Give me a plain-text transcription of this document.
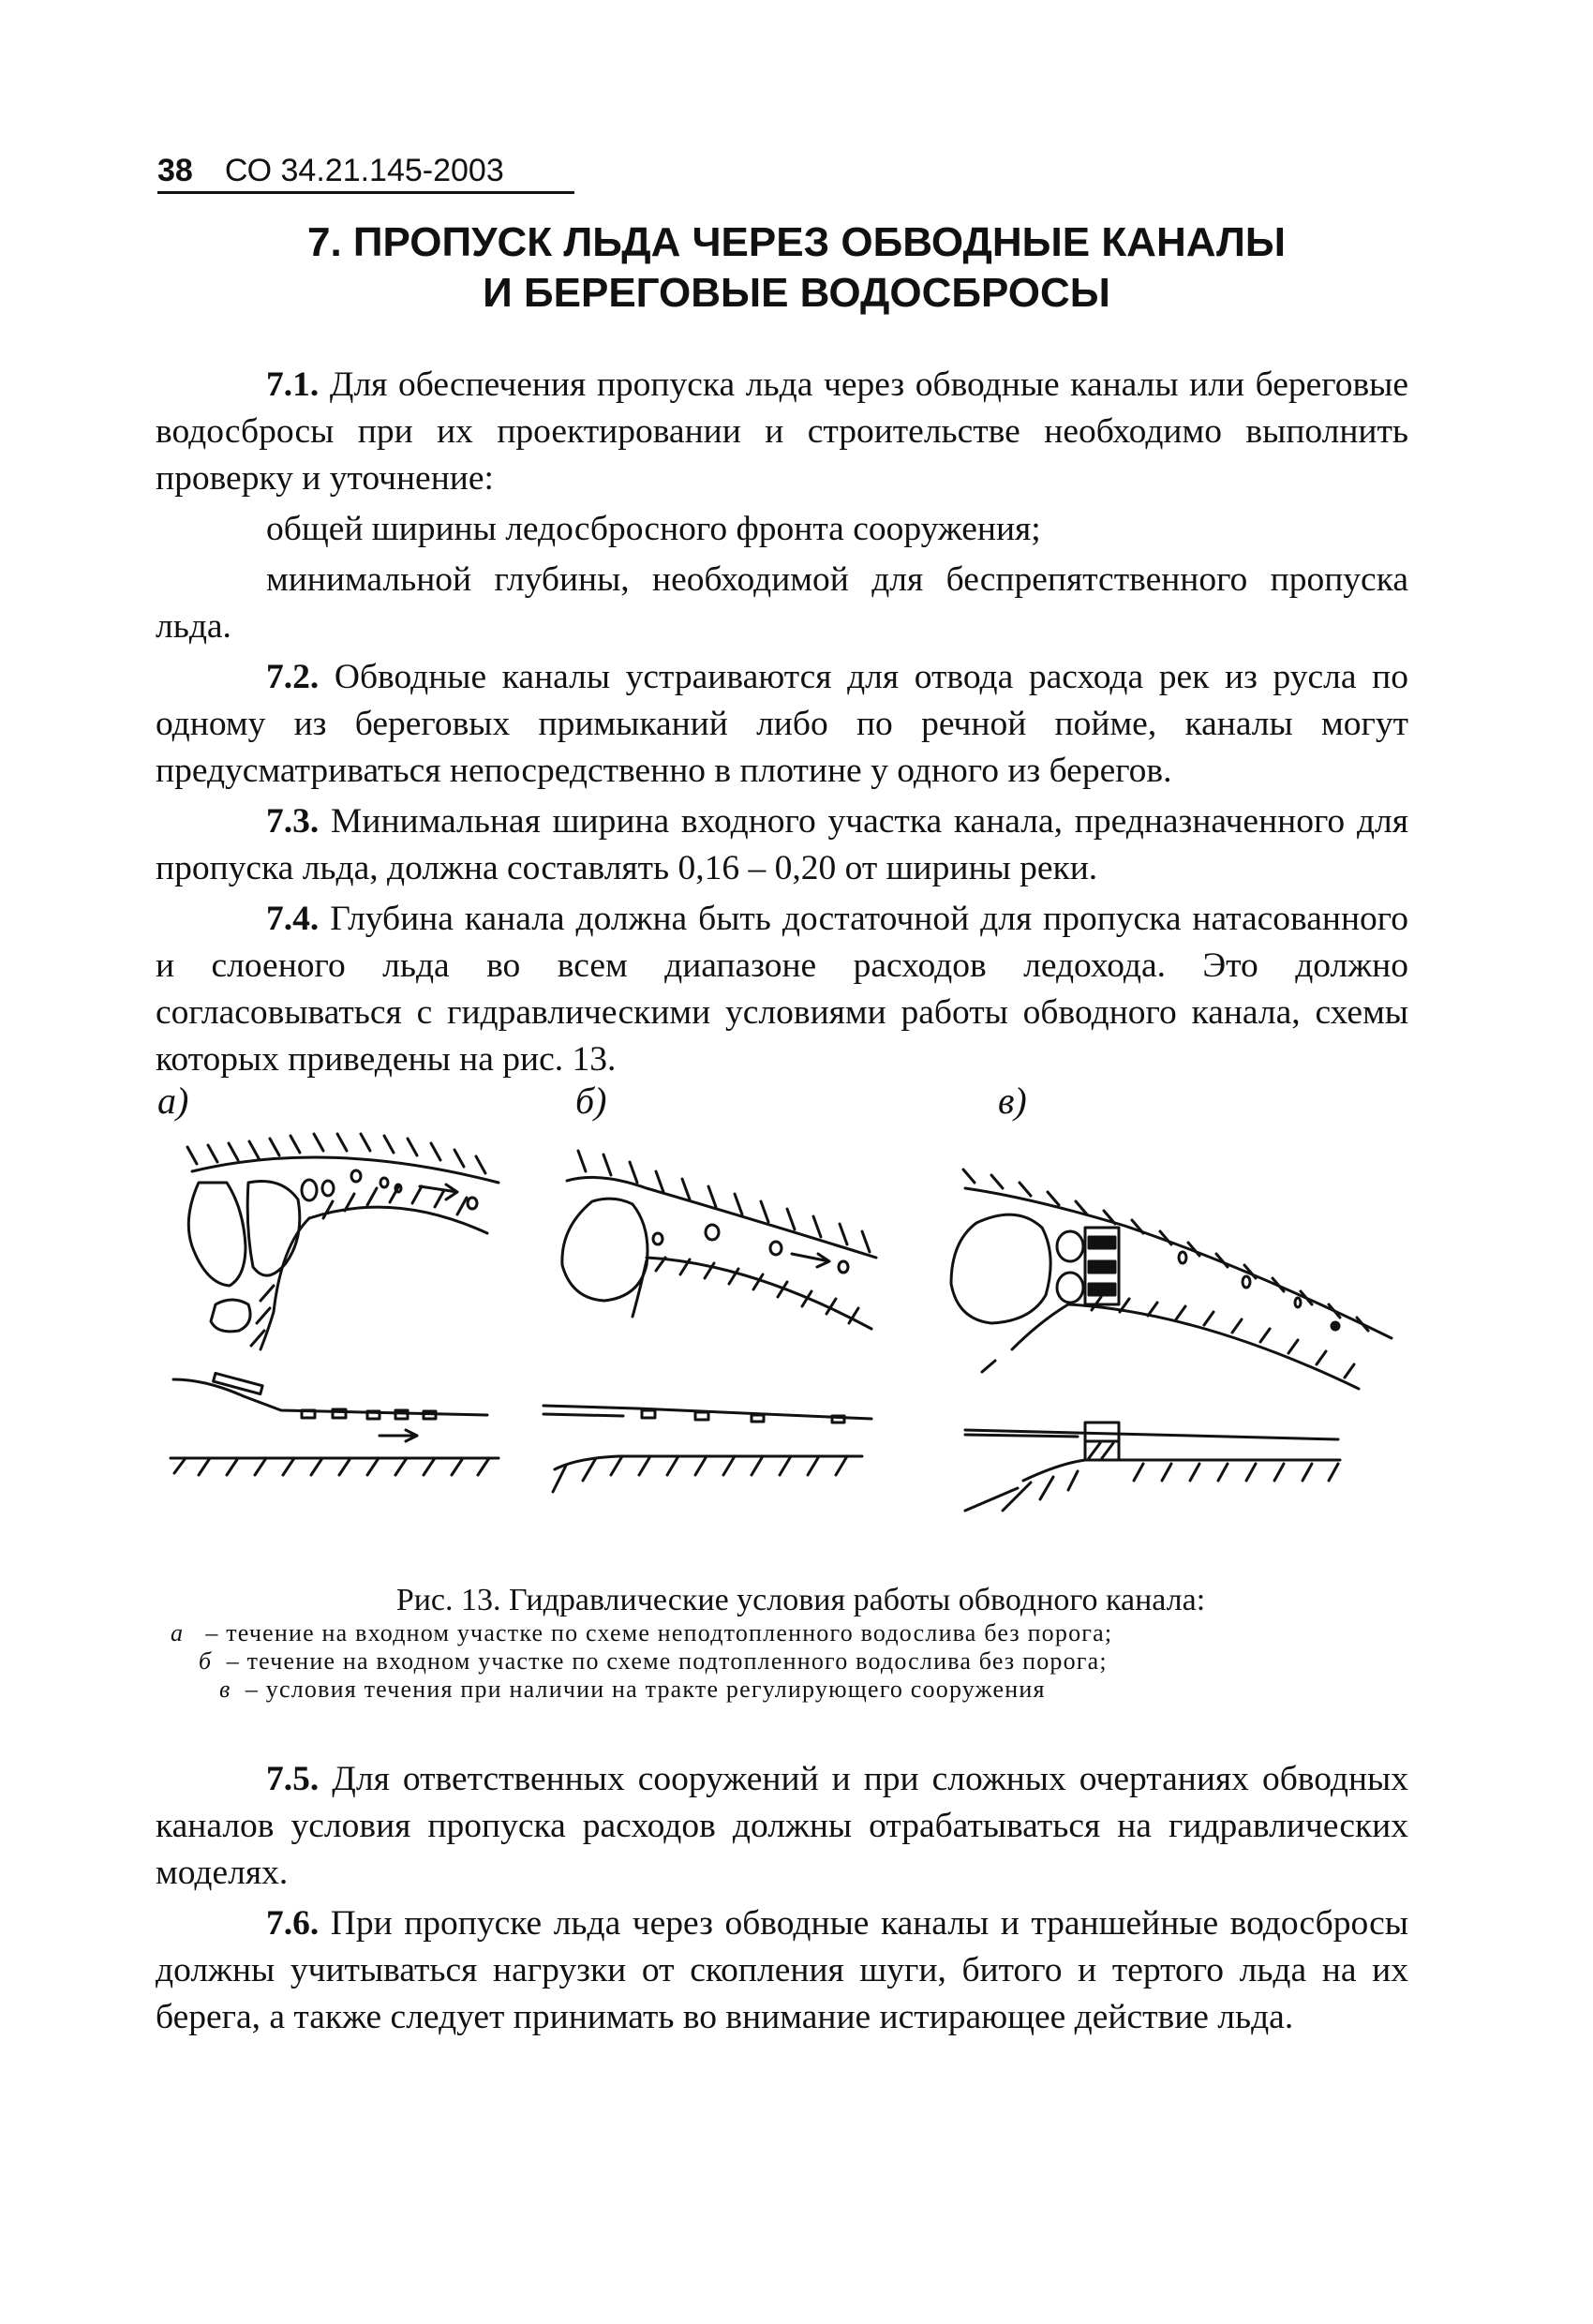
38 СО 34.21.145-2003
7. ПРОПУСК ЛЬДА ЧЕРЕЗ ОБВОДНЫЕ КАНАЛЫ
И БЕРЕГОВЫЕ ВОДОСБРОСЫ

7.1. Для обеспечения пропуска льда через обводные каналы или береговые водосбросы при их проектировании и строительстве необходимо выполнить проверку и уточнение:

общей ширины ледосбросного фронта сооружения;

минимальной глубины, необходимой для беспрепятственного пропуска льда.

7.2. Обводные каналы устраиваются для отвода расхода рек из русла по одному из береговых примыканий либо по речной пойме, каналы могут предусматриваться непосредственно в плотине у одного из берегов.

7.3. Минимальная ширина входного участка канала, предназначенного для пропуска льда, должна составлять 0,16 – 0,20 от ширины реки.

7.4. Глубина канала должна быть достаточной для пропуска натасованного и слоеного льда во всем диапазоне расходов ледохода. Это должно согласовываться с гидравлическими условиями работы обводного канала, схемы которых приведены на рис. 13.

а)	б)	в)
Рис. 13. Гидравлические условия работы обводного канала:
а – течение на входном участке по схеме неподтопленного водослива без порога;
б – течение на входном участке по схеме подтопленного водослива без порога;
в – условия течения при наличии на тракте регулирующего сооружения

7.5. Для ответственных сооружений и при сложных очертаниях обводных каналов условия пропуска расходов должны отрабатываться на гидравлических моделях.

7.6. При пропуске льда через обводные каналы и траншейные водосбросы должны учитываться нагрузки от скопления шуги, битого и тертого льда на их берега, а также следует принимать во внимание истирающее действие льда.
